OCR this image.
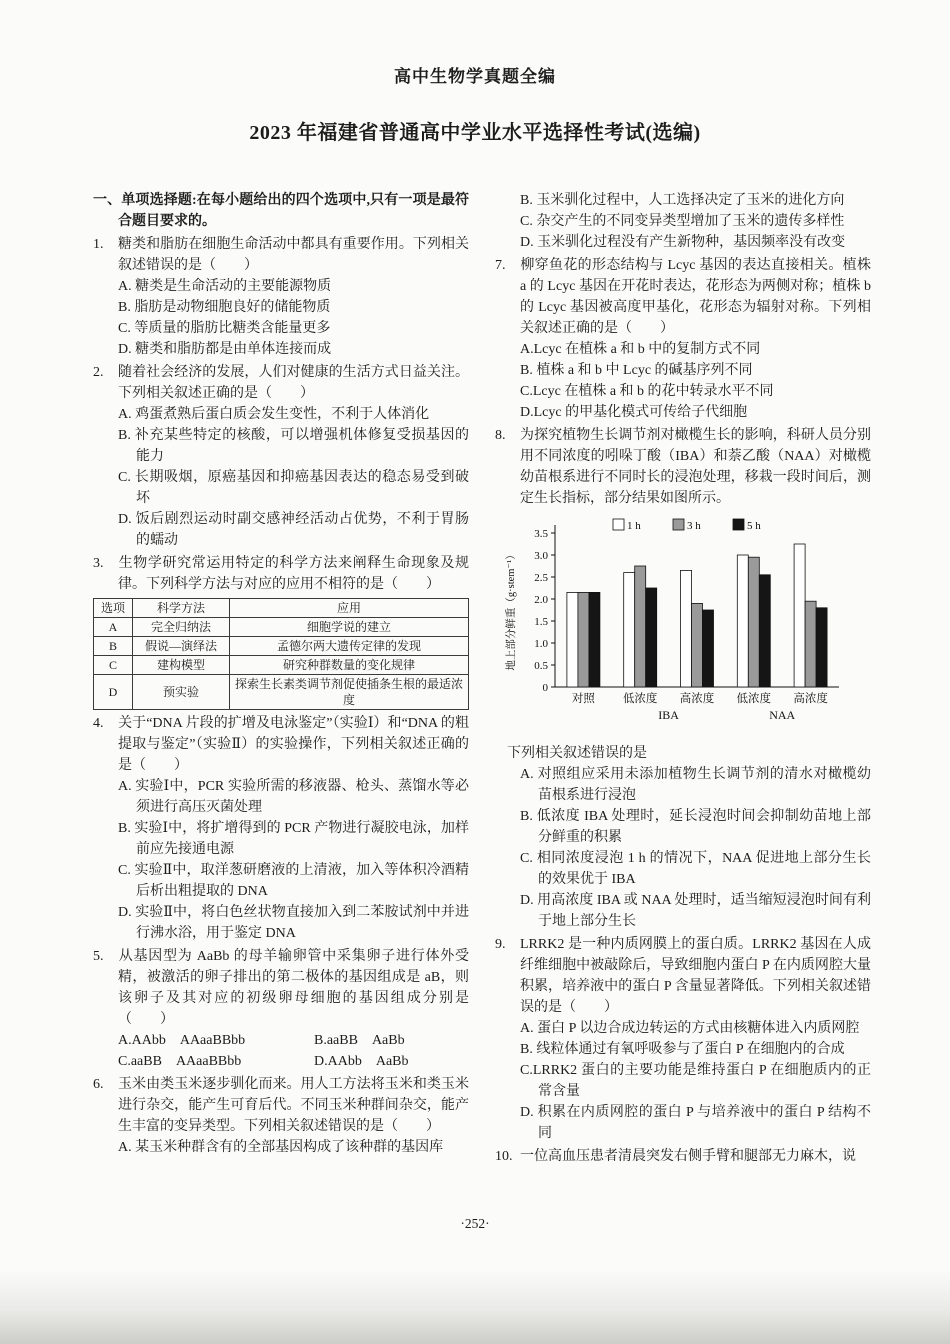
高中生物学真题全编
2023 年福建省普通高中学业水平选择性考试(选编)
一、单项选择题:在每小题给出的四个选项中,只有一项是最符合题目要求的。
1. 糖类和脂肪在细胞生命活动中都具有重要作用。下列相关叙述错误的是（　　）
A. 糖类是生命活动的主要能源物质
B. 脂肪是动物细胞良好的储能物质
C. 等质量的脂肪比糖类含能量更多
D. 糖类和脂肪都是由单体连接而成
2. 随着社会经济的发展，人们对健康的生活方式日益关注。下列相关叙述正确的是（　　）
A. 鸡蛋煮熟后蛋白质会发生变性，不利于人体消化
B. 补充某些特定的核酸，可以增强机体修复受损基因的能力
C. 长期吸烟，原癌基因和抑癌基因表达的稳态易受到破坏
D. 饭后剧烈运动时副交感神经活动占优势，不利于胃肠的蠕动
3. 生物学研究常运用特定的科学方法来阐释生命现象及规律。下列科学方法与对应的应用不相符的是（　　）
选项	科学方法	应用
A	完全归纳法	细胞学说的建立
B	假说—演绎法	孟德尔两大遗传定律的发现
C	建构模型	研究种群数量的变化规律
D	预实验	探索生长素类调节剂促使插条生根的最适浓度
4. 关于“DNA 片段的扩增及电泳鉴定”（实验Ⅰ）和“DNA 的粗提取与鉴定”（实验Ⅱ）的实验操作，下列相关叙述正确的是（　　）
A. 实验Ⅰ中，PCR 实验所需的移液器、枪头、蒸馏水等必须进行高压灭菌处理
B. 实验Ⅰ中，将扩增得到的 PCR 产物进行凝胶电泳，加样前应先接通电源
C. 实验Ⅱ中，取洋葱研磨液的上清液，加入等体积冷酒精后析出粗提取的 DNA
D. 实验Ⅱ中，将白色丝状物直接加入到二苯胺试剂中并进行沸水浴，用于鉴定 DNA
5. 从基因型为 AaBb 的母羊输卵管中采集卵子进行体外受精，被激活的卵子排出的第二极体的基因组成是 aB，则该卵子及其对应的初级卵母细胞的基因组成分别是（　　）
A.AAbb　AAaaBBbb	B.aaBB　AaBb
C.aaBB　AAaaBBbb	D.AAbb　AaBb
6. 玉米由类玉米逐步驯化而来。用人工方法将玉米和类玉米进行杂交，能产生可育后代。不同玉米种群间杂交，能产生丰富的变异类型。下列相关叙述错误的是（　　）
A. 某玉米种群含有的全部基因构成了该种群的基因库
B. 玉米驯化过程中，人工选择决定了玉米的进化方向
C. 杂交产生的不同变异类型增加了玉米的遗传多样性
D. 玉米驯化过程没有产生新物种，基因频率没有改变
7. 柳穿鱼花的形态结构与 Lcyc 基因的表达直接相关。植株 a 的 Lcyc 基因在开花时表达，花形态为两侧对称；植株 b 的 Lcyc 基因被高度甲基化，花形态为辐射对称。下列相关叙述正确的是（　　）
A.Lcyc 在植株 a 和 b 中的复制方式不同
B. 植株 a 和 b 中 Lcyc 的碱基序列不同
C.Lcyc 在植株 a 和 b 的花中转录水平不同
D.Lcyc 的甲基化模式可传给子代细胞
8. 为探究植物生长调节剂对橄榄生长的影响，科研人员分别用不同浓度的吲哚丁酸（IBA）和萘乙酸（NAA）对橄榄幼苗根系进行不同时长的浸泡处理，移栽一段时间后，测定生长指标，部分结果如图所示。
0
0.5
1.0
1.5
2.0
2.5
3.0
3.5
地上部分鲜重（g·stem⁻¹）
1 h	3 h	5 h
对照 低浓度 高浓度 低浓度 高浓度
IBA	NAA
下列相关叙述错误的是
A. 对照组应采用未添加植物生长调节剂的清水对橄榄幼苗根系进行浸泡
B. 低浓度 IBA 处理时，延长浸泡时间会抑制幼苗地上部分鲜重的积累
C. 相同浓度浸泡 1 h 的情况下，NAA 促进地上部分生长的效果优于 IBA
D. 用高浓度 IBA 或 NAA 处理时，适当缩短浸泡时间有利于地上部分生长
9. LRRK2 是一种内质网膜上的蛋白质。LRRK2 基因在人成纤维细胞中被敲除后，导致细胞内蛋白 P 在内质网腔大量积累，培养液中的蛋白 P 含量显著降低。下列相关叙述错误的是（　　）
A. 蛋白 P 以边合成边转运的方式由核糖体进入内质网腔
B. 线粒体通过有氧呼吸参与了蛋白 P 在细胞内的合成
C.LRRK2 蛋白的主要功能是维持蛋白 P 在细胞质内的正常含量
D. 积累在内质网腔的蛋白 P 与培养液中的蛋白 P 结构不同
10. 一位高血压患者清晨突发右侧手臂和腿部无力麻木，说
·252·
